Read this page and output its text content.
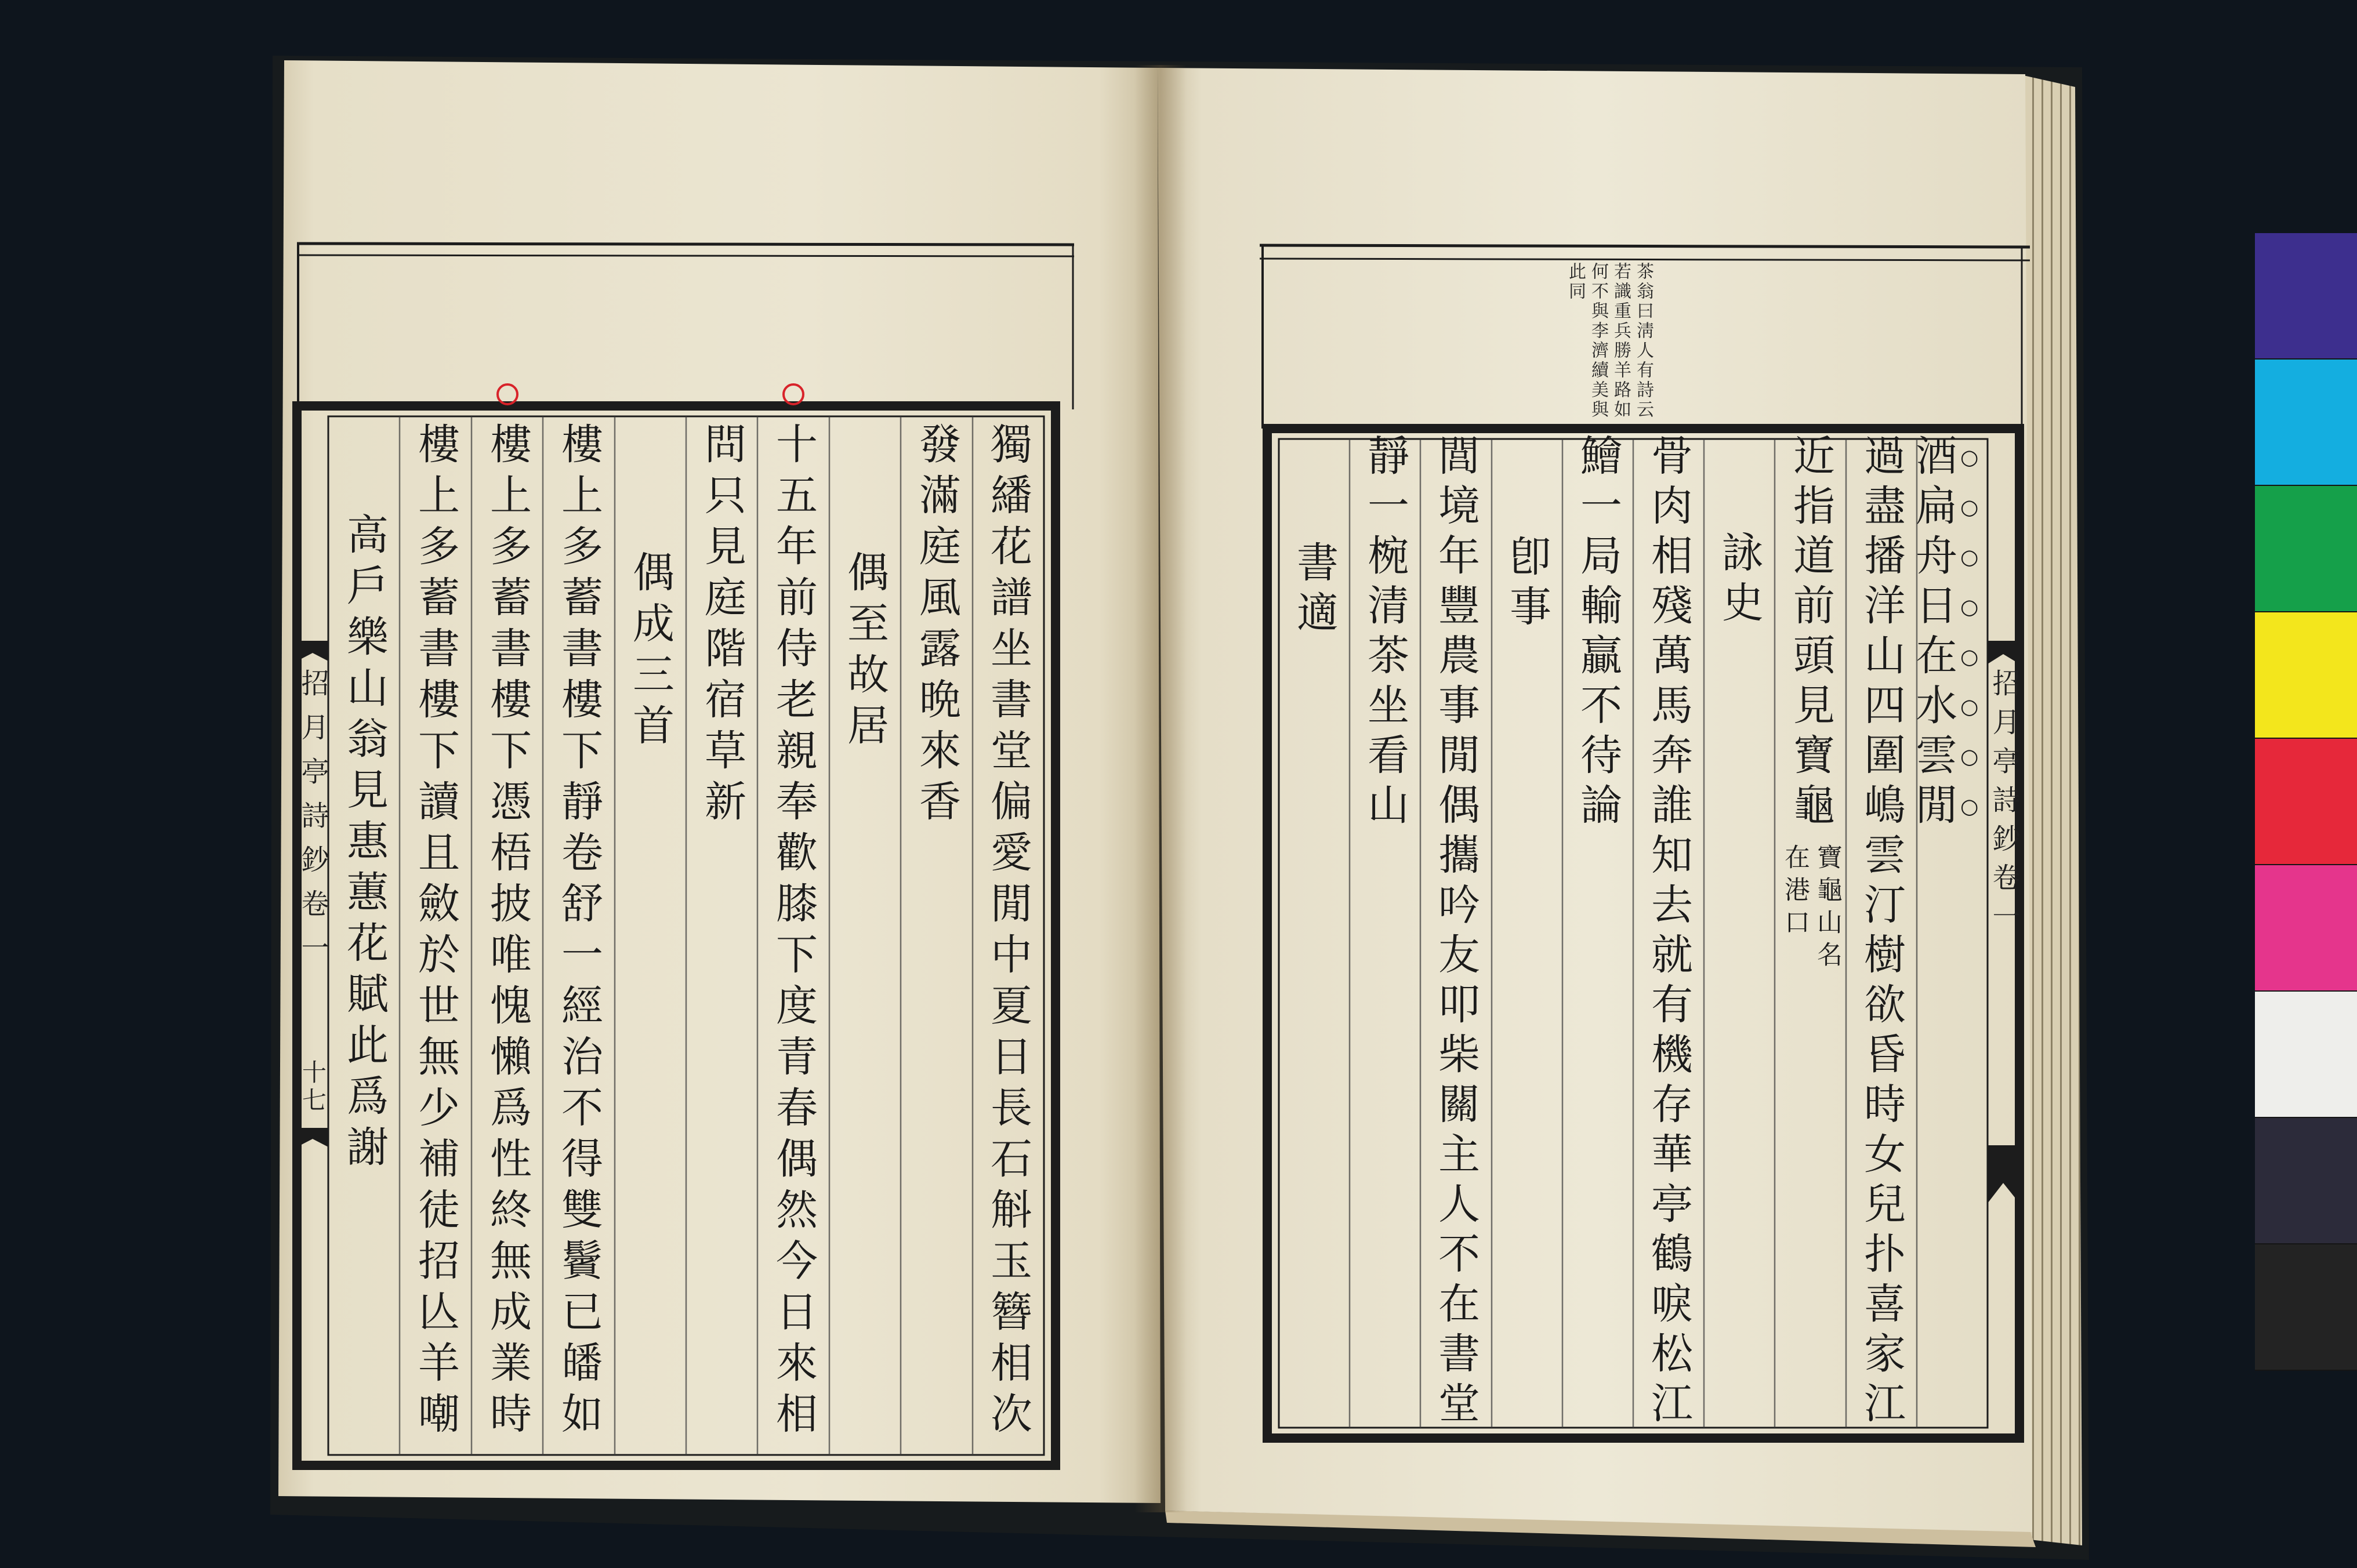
茶翁曰淸人有詩云
若識重兵勝羊路如
何不與李濟續美與
此同
招月亭詩鈔卷一
酒扁舟日在水雲閒
過盡播洋山四圍嶋雲汀樹欲昏時女兒扑喜家江
近指道前頭見寶龜
寶龜山名
在港口
詠史
骨肉相殘萬馬奔誰知去就有機存華亭鶴唳松江
鱠一局輸贏不待論
卽事
閭境年豐農事閒偶攜吟友叩柴關主人不在書堂
靜一椀清茶坐看山
書適
招月亭詩鈔卷一
十七	獨繙花譜坐書堂偏愛閒中夏日長石斛玉簪相次
發滿庭風露晩來香
偶至故居
十五年前侍老親奉歡膝下度青春偶然今日來相
問只見庭階宿草新
偶成三首
樓上多蓄書樓下靜卷舒一經治不得雙鬢已皤如
樓上多蓄書樓下憑梧披唯愧懶爲性終無成業時
樓上多蓄書樓下讀且斂於世無少補徒招亾羊嘲
高戶樂山翁見惠蕙花賦此爲謝
